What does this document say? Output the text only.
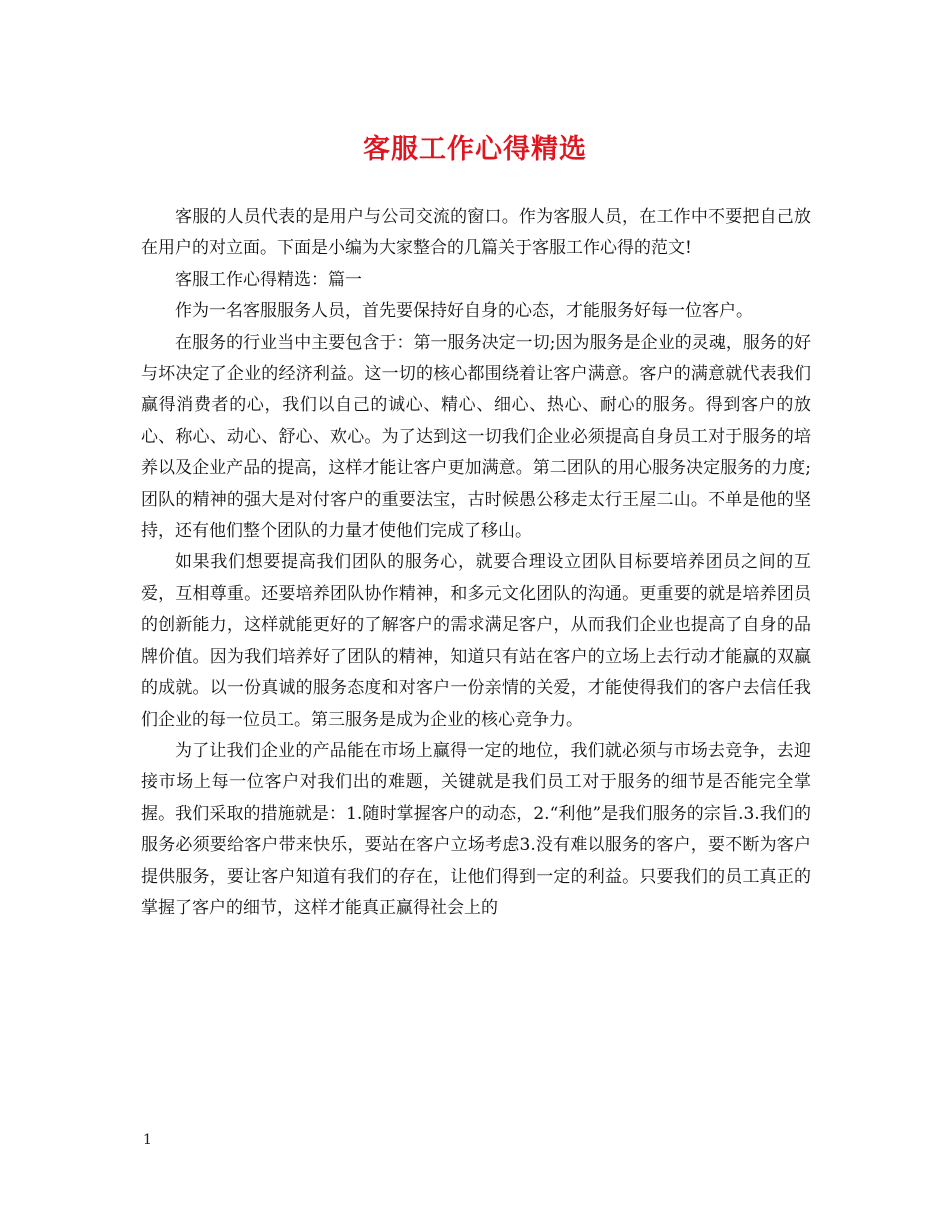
客服工作心得精选

客服的人员代表的是用户与公司交流的窗口。作为客服人员，在工作中不要把自己放在用户的对立面。下面是小编为大家整合的几篇关于客服工作心得的范文!

客服工作心得精选：篇一

作为一名客服服务人员，首先要保持好自身的心态，才能服务好每一位客户。

在服务的行业当中主要包含于：第一服务决定一切;因为服务是企业的灵魂，服务的好与坏决定了企业的经济利益。这一切的核心都围绕着让客户满意。客户的满意就代表我们赢得消费者的心，我们以自己的诚心、精心、细心、热心、耐心的服务。得到客户的放心、称心、动心、舒心、欢心。为了达到这一切我们企业必须提高自身员工对于服务的培养以及企业产品的提高，这样才能让客户更加满意。第二团队的用心服务决定服务的力度;团队的精神的强大是对付客户的重要法宝，古时候愚公移走太行王屋二山。不单是他的坚持，还有他们整个团队的力量才使他们完成了移山。

如果我们想要提高我们团队的服务心，就要合理设立团队目标要培养团员之间的互爱，互相尊重。还要培养团队协作精神，和多元文化团队的沟通。更重要的就是培养团员的创新能力，这样就能更好的了解客户的需求满足客户，从而我们企业也提高了自身的品牌价值。因为我们培养好了团队的精神，知道只有站在客户的立场上去行动才能赢的双赢的成就。以一份真诚的服务态度和对客户一份亲情的关爱，才能使得我们的客户去信任我们企业的每一位员工。第三服务是成为企业的核心竞争力。

为了让我们企业的产品能在市场上赢得一定的地位，我们就必须与市场去竞争，去迎接市场上每一位客户对我们出的难题，关键就是我们员工对于服务的细节是否能完全掌握。我们采取的措施就是：1.随时掌握客户的动态，2.“利他”是我们服务的宗旨.3.我们的服务必须要给客户带来快乐，要站在客户立场考虑3.没有难以服务的客户，要不断为客户提供服务，要让客户知道有我们的存在，让他们得到一定的利益。只要我们的员工真正的掌握了客户的细节，这样才能真正赢得社会上的

1
